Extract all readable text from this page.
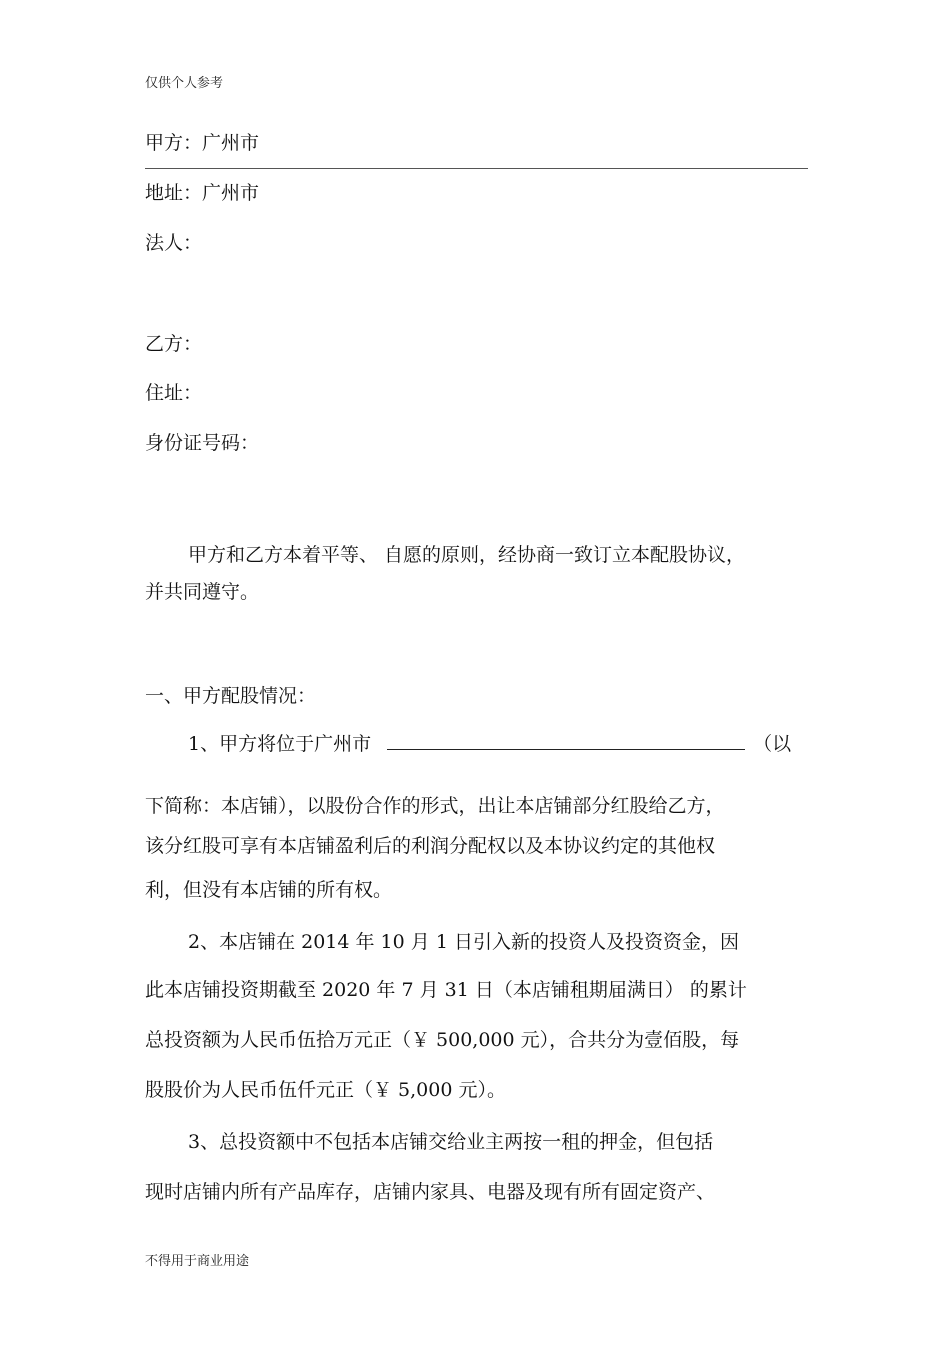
仅供个人参考
甲方：广州市
地址：广州市
法人：
乙方：
住址：
身份证号码：
甲方和乙方本着平等、 自愿的原则，经协商一致订立本配股协议，
并共同遵守。
一、甲方配股情况：
1、甲方将位于广州市	（以
下简称：本店铺），以股份合作的形式，出让本店铺部分红股给乙方，
该分红股可享有本店铺盈利后的利润分配权以及本协议约定的其他权
利，但没有本店铺的所有权。
2、本店铺在 2014 年 10 月 1 日引入新的投资人及投资资金，因
此本店铺投资期截至 2020 年 7 月 31 日（本店铺租期届满日） 的累计
总投资额为人民币伍拾万元正（￥ 500,000 元），合共分为壹佰股，每
股股价为人民币伍仟元正（￥ 5,000 元）。
3、总投资额中不包括本店铺交给业主两按一租的押金，但包括
现时店铺内所有产品库存，店铺内家具、电器及现有所有固定资产、
不得用于商业用途
